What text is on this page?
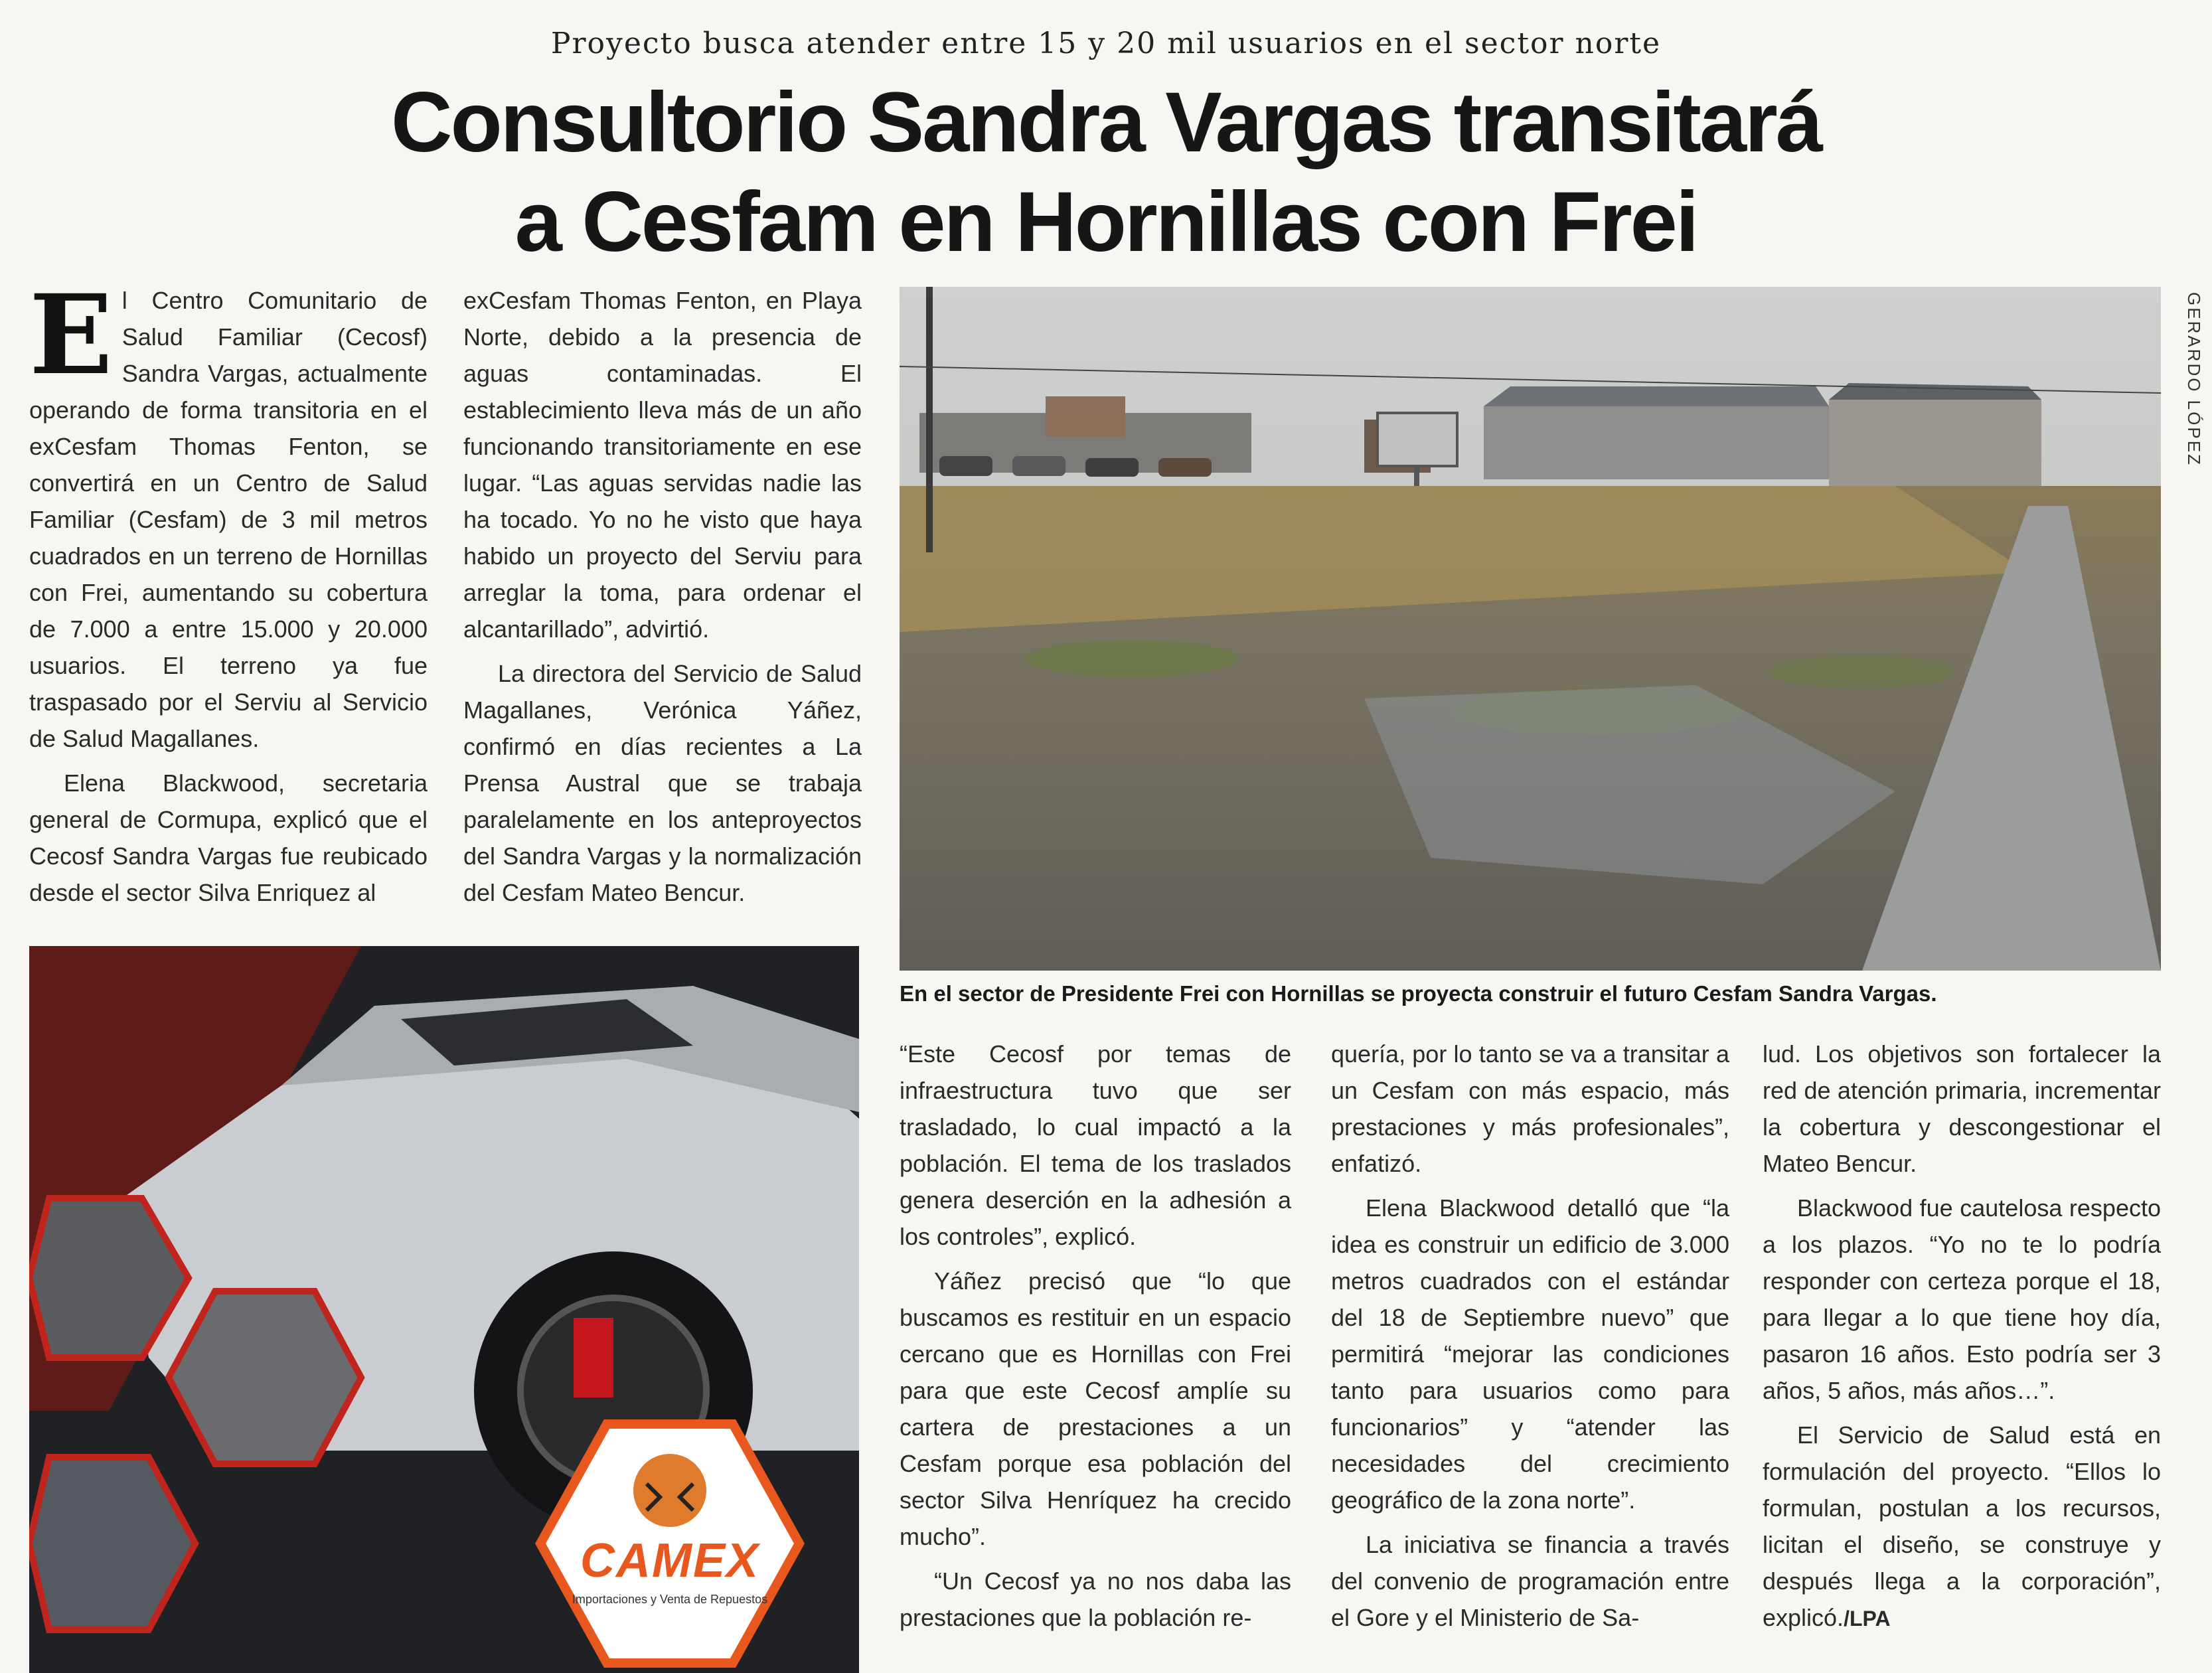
Proyecto busca atender entre 15 y 20 mil usuarios en el sector norte
Consultorio Sandra Vargas transitará
a Cesfam en Hornillas con Frei

El Centro Comunitario de Salud Familiar (Cecosf) Sandra Vargas, actualmente operando de forma transitoria en el exCesfam Thomas Fenton, se convertirá en un Centro de Salud Familiar (Cesfam) de 3 mil metros cuadrados en un terreno de Hornillas con Frei, aumentando su cobertura de 7.000 a entre 15.000 y 20.000 usuarios. El terreno ya fue traspasado por el Serviu al Servicio de Salud Magallanes.

Elena Blackwood, secretaria general de Cormupa, explicó que el Cecosf Sandra Vargas fue reubicado desde el sector Silva Enriquez al

exCesfam Thomas Fenton, en Playa Norte, debido a la presencia de aguas contaminadas. El establecimiento lleva más de un año funcionando transitoriamente en ese lugar. “Las aguas servidas nadie las ha tocado. Yo no he visto que haya habido un proyecto del Serviu para arreglar la toma, para ordenar el alcantarillado”, advirtió.

La directora del Servicio de Salud Magallanes, Verónica Yáñez, confirmó en días recientes a La Prensa Austral que se trabaja paralelamente en los anteproyectos del Sandra Vargas y la normalización del Cesfam Mateo Bencur.

GERARDO LÓPEZ
En el sector de Presidente Frei con Hornillas se proyecta construir el futuro Cesfam Sandra Vargas.
CAMEX
Importaciones y Venta de Repuestos

“Este Cecosf por temas de infraestructura tuvo que ser trasladado, lo cual impactó a la población. El tema de los traslados genera deserción en la adhesión a los controles”, explicó.

Yáñez precisó que “lo que buscamos es restituir en un espacio cercano que es Hornillas con Frei para que este Cecosf amplíe su cartera de prestaciones a un Cesfam porque esa población del sector Silva Henríquez ha crecido mucho”.

“Un Cecosf ya no nos daba las prestaciones que la población re-

quería, por lo tanto se va a transitar a un Cesfam con más espacio, más prestaciones y más profesionales”, enfatizó.

Elena Blackwood detalló que “la idea es construir un edificio de 3.000 metros cuadrados con el estándar del 18 de Septiembre nuevo” que permitirá “mejorar las condiciones tanto para usuarios como para funcionarios” y “atender las necesidades del crecimiento geográfico de la zona norte”.

La iniciativa se financia a través del convenio de programación entre el Gore y el Ministerio de Sa-

lud. Los objetivos son fortalecer la red de atención primaria, incrementar la cobertura y descongestionar el Mateo Bencur.

Blackwood fue cautelosa respecto a los plazos. “Yo no te lo podría responder con certeza porque el 18, para llegar a lo que tiene hoy día, pasaron 16 años. Esto podría ser 3 años, 5 años, más años…”.

El Servicio de Salud está en formulación del proyecto. “Ellos lo formulan, postulan a los recursos, licitan el diseño, se construye y después llega a la corporación”, explicó./LPA
